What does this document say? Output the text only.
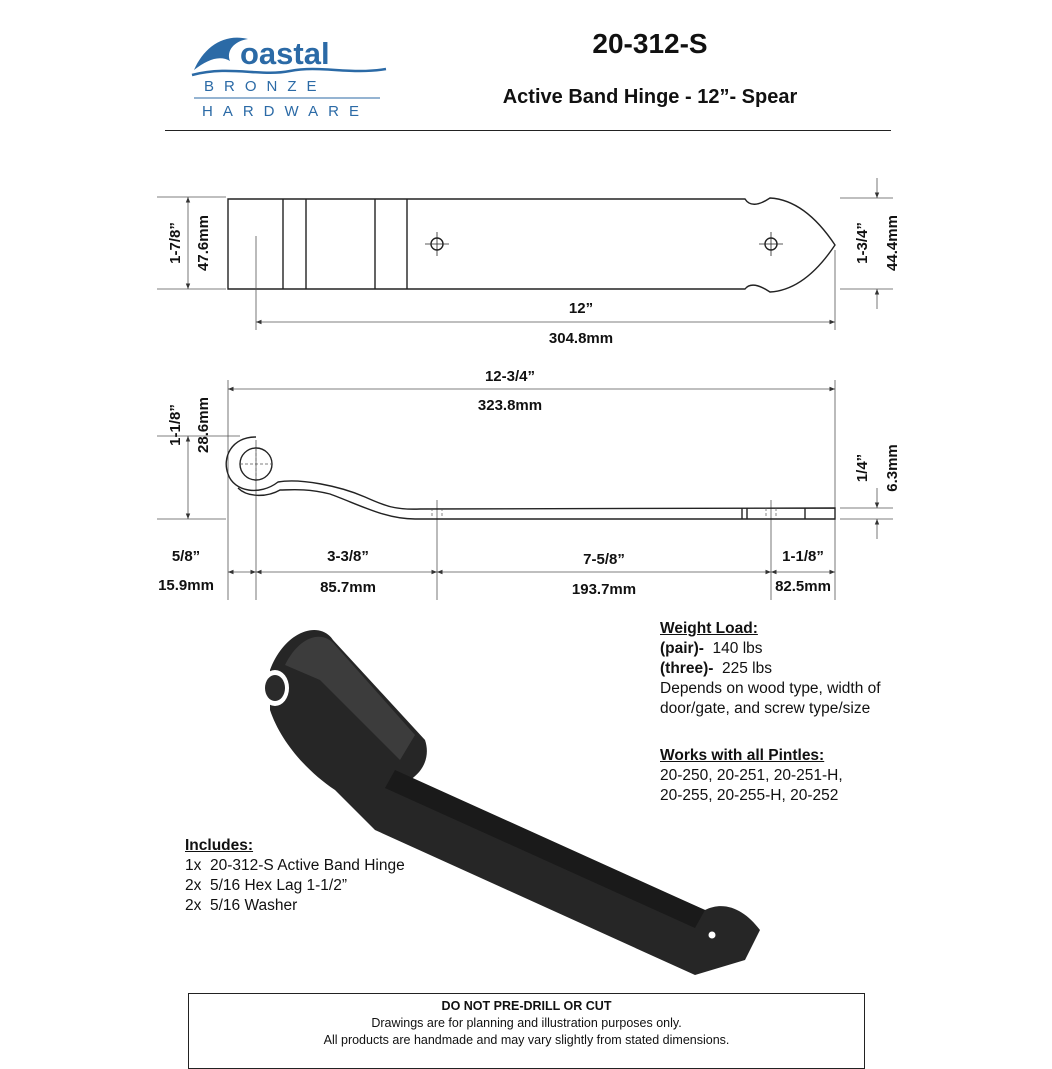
oastal
BRONZE
HARDWARE
20-312-S
Active Band Hinge - 12”- Spear
1-7/8” 47.6mm	1-3/4” 44.4mm
12”
304.8mm
12-3/4”
323.8mm
1-1/8” 28.6mm
1/4” 6.3mm
5/8”
15.9mm
3-3/8”
85.7mm
7-5/8”
193.7mm
1-1/8”
82.5mm
Weight Load:
(pair)- 140 lbs
(three)- 225 lbs
Depends on wood type, width of
door/gate, and screw type/size
Works with all Pintles:
20-250, 20-251, 20-251-H,
20-255, 20-255-H, 20-252
Includes:
1x 20-312-S Active Band Hinge
2x 5/16 Hex Lag 1-1/2”
2x 5/16 Washer
DO NOT PRE-DRILL OR CUT
Drawings are for planning and illustration purposes only.
All products are handmade and may vary slightly from stated dimensions.
